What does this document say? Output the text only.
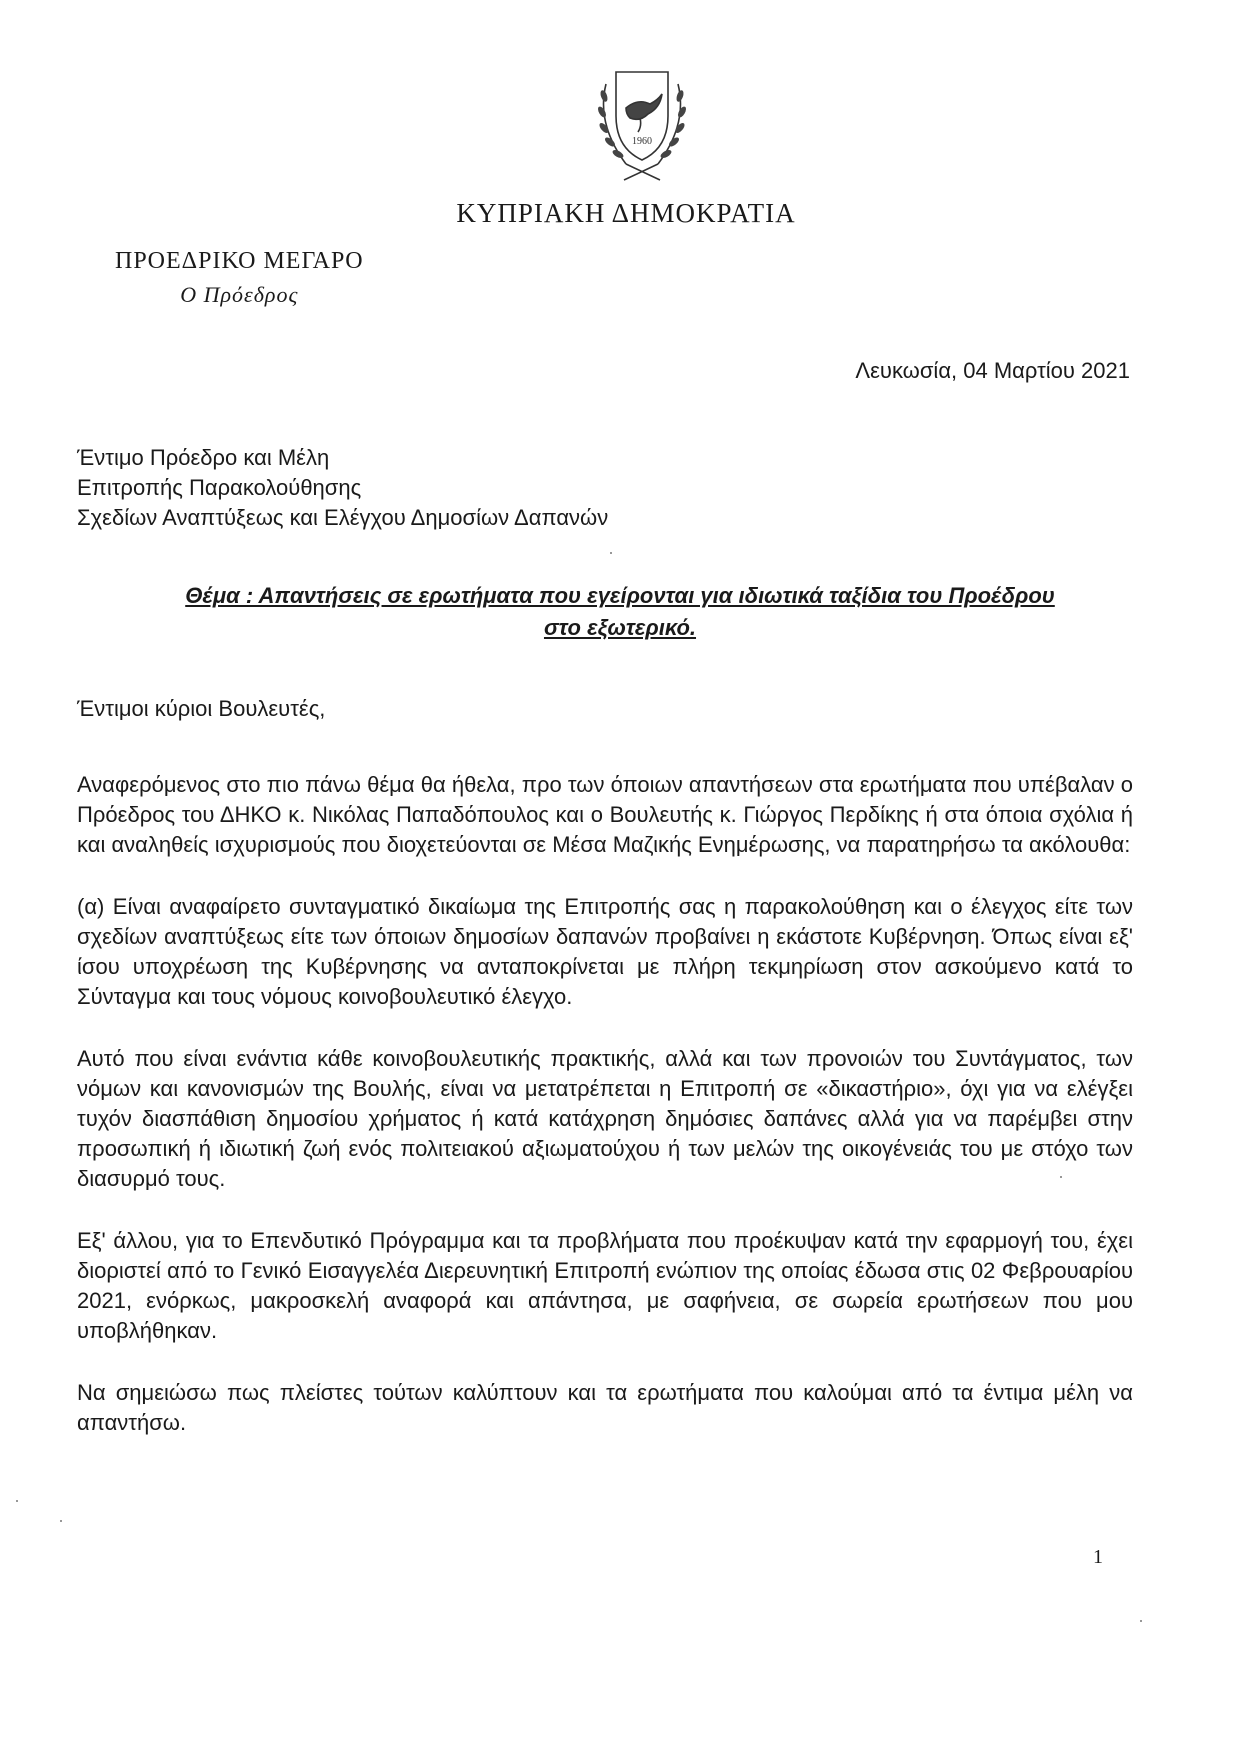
1960
ΚΥΠΡΙΑΚΗ ΔΗΜΟΚΡΑΤΙΑ
ΠΡΟΕΔΡΙΚΟ ΜΕΓΑΡΟ
Ο Πρόεδρος
Λευκωσία, 04 Μαρτίου 2021
Έντιμο Πρόεδρο και Μέλη
Επιτροπής Παρακολούθησης
Σχεδίων Αναπτύξεως και Ελέγχου Δημοσίων Δαπανών
Θέμα : Απαντήσεις σε ερωτήματα που εγείρονται για ιδιωτικά ταξίδια του Προέδρου
στο εξωτερικό.
Έντιμοι κύριοι Βουλευτές,

Αναφερόμενος στο πιο πάνω θέμα θα ήθελα, προ των όποιων απαντήσεων στα ερωτήματα που υπέβαλαν ο Πρόεδρος του ΔΗΚΟ κ. Νικόλας Παπαδόπουλος και ο Βουλευτής κ. Γιώργος Περδίκης ή στα όποια σχόλια ή και αναληθείς ισχυρισμούς που διοχετεύονται σε Μέσα Μαζικής Ενημέρωσης, να παρατηρήσω τα ακόλουθα:

(α) Είναι αναφαίρετο συνταγματικό δικαίωμα της Επιτροπής σας η παρακολούθηση και ο έλεγχος είτε των σχεδίων αναπτύξεως είτε των όποιων δημοσίων δαπανών προβαίνει η εκάστοτε Κυβέρνηση. Όπως είναι εξ' ίσου υποχρέωση της Κυβέρνησης να ανταποκρίνεται με πλήρη τεκμηρίωση στον ασκούμενο κατά το Σύνταγμα και τους νόμους κοινοβουλευτικό έλεγχο.

Αυτό που είναι ενάντια κάθε κοινοβουλευτικής πρακτικής, αλλά και των προνοιών του Συντάγματος, των νόμων και κανονισμών της Βουλής, είναι να μετατρέπεται η Επιτροπή σε «δικαστήριο», όχι για να ελέγξει τυχόν διασπάθιση δημοσίου χρήματος ή κατά κατάχρηση δημόσιες δαπάνες αλλά για να παρέμβει στην προσωπική ή ιδιωτική ζωή ενός πολιτειακού αξιωματούχου ή των μελών της οικογένειάς του με στόχο των διασυρμό τους.

Εξ' άλλου, για το Επενδυτικό Πρόγραμμα και τα προβλήματα που προέκυψαν κατά την εφαρμογή του, έχει διοριστεί από το Γενικό Εισαγγελέα Διερευνητική Επιτροπή ενώπιον της οποίας έδωσα στις 02 Φεβρουαρίου 2021, ενόρκως, μακροσκελή αναφορά και απάντησα, με σαφήνεια, σε σωρεία ερωτήσεων που μου υποβλήθηκαν.

Να σημειώσω πως πλείστες τούτων καλύπτουν και τα ερωτήματα που καλούμαι από τα έντιμα μέλη να απαντήσω.

1
